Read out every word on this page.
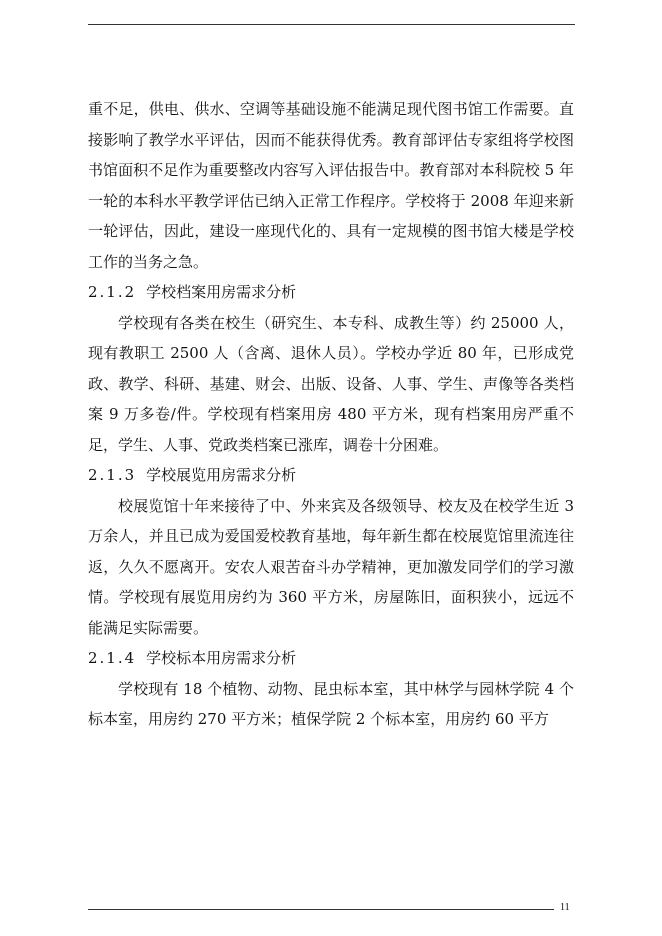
重不足，供电、供水、空调等基础设施不能满足现代图书馆工作需要。直接影响了教学水平评估，因而不能获得优秀。教育部评估专家组将学校图书馆面积不足作为重要整改内容写入评估报告中。教育部对本科院校 5 年一轮的本科水平教学评估已纳入正常工作程序。学校将于 2008 年迎来新一轮评估，因此，建设一座现代化的、具有一定规模的图书馆大楼是学校工作的当务之急。

2.1.2 学校档案用房需求分析

学校现有各类在校生（研究生、本专科、成教生等）约 25000 人，现有教职工 2500 人（含离、退休人员）。学校办学近 80 年，已形成党政、教学、科研、基建、财会、出版、设备、人事、学生、声像等各类档案 9 万多卷/件。学校现有档案用房 480 平方米，现有档案用房严重不足，学生、人事、党政类档案已涨库，调卷十分困难。

2.1.3 学校展览用房需求分析

校展览馆十年来接待了中、外来宾及各级领导、校友及在校学生近 3 万余人，并且已成为爱国爱校教育基地，每年新生都在校展览馆里流连往返，久久不愿离开。安农人艰苦奋斗办学精神，更加激发同学们的学习激情。学校现有展览用房约为 360 平方米，房屋陈旧，面积狭小，远远不能满足实际需要。

2.1.4 学校标本用房需求分析

学校现有 18 个植物、动物、昆虫标本室，其中林学与园林学院 4 个标本室，用房约 270 平方米；植保学院 2 个标本室，用房约 60 平方

11
